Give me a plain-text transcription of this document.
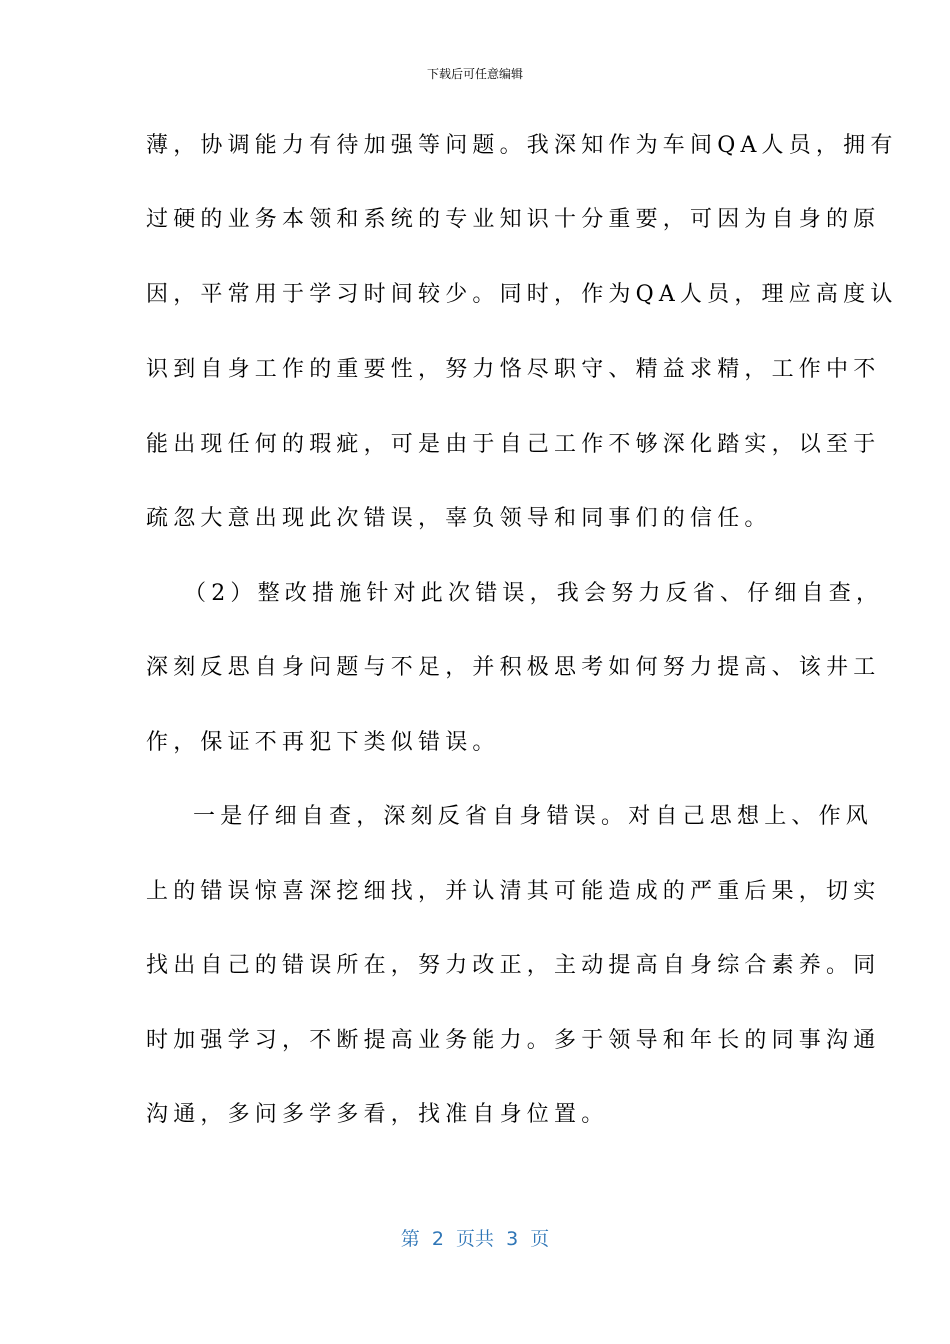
下载后可任意编辑
薄，协调能力有待加强等问题。我深知作为车间QA人员，拥有
过硬的业务本领和系统的专业知识十分重要，可因为自身的原
因，平常用于学习时间较少。同时，作为QA人员，理应高度认
识到自身工作的重要性，努力恪尽职守、精益求精，工作中不
能出现任何的瑕疵，可是由于自己工作不够深化踏实，以至于
疏忽大意出现此次错误，辜负领导和同事们的信任。
（2）整改措施针对此次错误，我会努力反省、仔细自查，
深刻反思自身问题与不足，并积极思考如何努力提高、该井工
作，保证不再犯下类似错误。
一是仔细自查，深刻反省自身错误。对自己思想上、作风
上的错误惊喜深挖细找，并认清其可能造成的严重后果，切实
找出自己的错误所在，努力改正，主动提高自身综合素养。同
时加强学习，不断提高业务能力。多于领导和年长的同事沟通
沟通，多问多学多看，找准自身位置。
第  2  页共  3  页
